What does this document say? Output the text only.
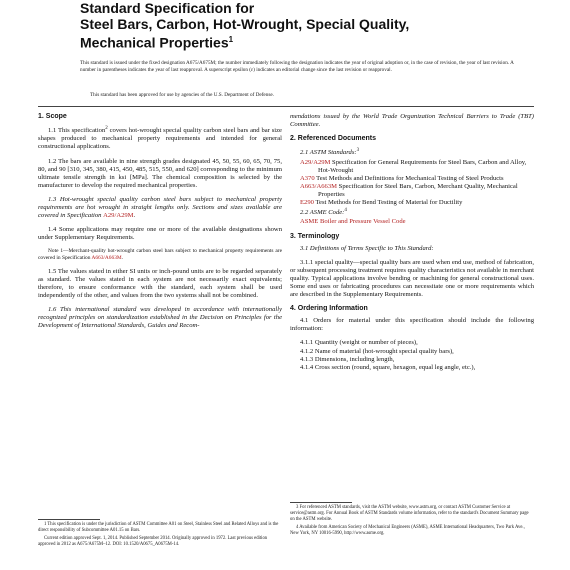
Standard Specification for
Steel Bars, Carbon, Hot-Wrought, Special Quality,
Mechanical Properties$^1$
This standard is issued under the fixed designation A675/A675M; the number immediately following the designation indicates the year of original adoption or, in the case of revision, the year of last revision. A number in parentheses indicates the year of last reapproval. A superscript epsilon (ε) indicates an editorial change since the last revision or reapproval.
This standard has been approved for use by agencies of the U.S. Department of Defense.
1. Scope

1.1 This specification$^2$ covers hot-wrought special quality carbon steel bars and bar size shapes produced to mechanical property requirements and intended for general constructional applications.

1.2 The bars are available in nine strength grades designated 45, 50, 55, 60, 65, 70, 75, 80, and 90 [310, 345, 380, 415, 450, 485, 515, 550, and 620] corresponding to the minimum ultimate tensile strength in ksi [MPa]. The chemical composition is selected by the manufacturer to develop the required mechanical properties.

1.3 Hot-wrought special quality carbon steel bars subject to mechanical property requirements are hot wrought in straight lengths only. Sections and sizes available are covered in Specification A29/A29M.

1.4 Some applications may require one or more of the available designations shown under Supplementary Requirements.

Note 1—Merchant-quality hot-wrought carbon steel bars subject to mechanical property requirements are covered in Specification A663/A663M.

1.5 The values stated in either SI units or inch-pound units are to be regarded separately as standard. The values stated in each system are not necessarily exact equivalents; therefore, to ensure conformance with the standard, each system shall be used independently of the other, and values from the two systems shall not be combined.

1.6 This international standard was developed in accordance with internationally recognized principles on standardization established in the Decision on Principles for the Development of International Standards, Guides and Recom-

mendations issued by the World Trade Organization Technical Barriers to Trade (TBT) Committee.

2. Referenced Documents
2.1 ASTM Standards:$^3$
A29/A29M Specification for General Requirements for Steel Bars, Carbon and Alloy, Hot-Wrought
A370 Test Methods and Definitions for Mechanical Testing of Steel Products
A663/A663M Specification for Steel Bars, Carbon, Merchant Quality, Mechanical Properties
E290 Test Methods for Bend Testing of Material for Ductility
2.2 ASME Code:$^4$
ASME Boiler and Pressure Vessel Code
3. Terminology

3.1 Definitions of Terms Specific to This Standard:

3.1.1 special quality—special quality bars are used when end use, method of fabrication, or subsequent processing treatment requires quality characteristics not available in merchant quality. Typical applications involve bending or machining for general constructional uses. Some end uses or fabricating procedures can necessitate one or more requirements which are described in the Supplementary Requirements.

4. Ordering Information

4.1 Orders for material under this specification should include the following information:

4.1.1 Quantity (weight or number of pieces),
4.1.2 Name of material (hot-wrought special quality bars),
4.1.3 Dimensions, including length,
4.1.4 Cross section (round, square, hexagon, equal leg angle, etc.),

1 This specification is under the jurisdiction of ASTM Committee A01 on Steel, Stainless Steel and Related Alloys and is the direct responsibility of Subcommittee A01.15 on Bars.

Current edition approved Sept. 1, 2014. Published September 2014. Originally approved in 1972. Last previous edition approved in 2012 as A675/A675M–12. DOI: 10.1520/A0675_A0675M-14.

3 For referenced ASTM standards, visit the ASTM website, www.astm.org, or contact ASTM Customer Service at service@astm.org. For Annual Book of ASTM Standards volume information, refer to the standard's Document Summary page on the ASTM website.

4 Available from American Society of Mechanical Engineers (ASME), ASME International Headquarters, Two Park Ave., New York, NY 10016-5990, http://www.asme.org.
